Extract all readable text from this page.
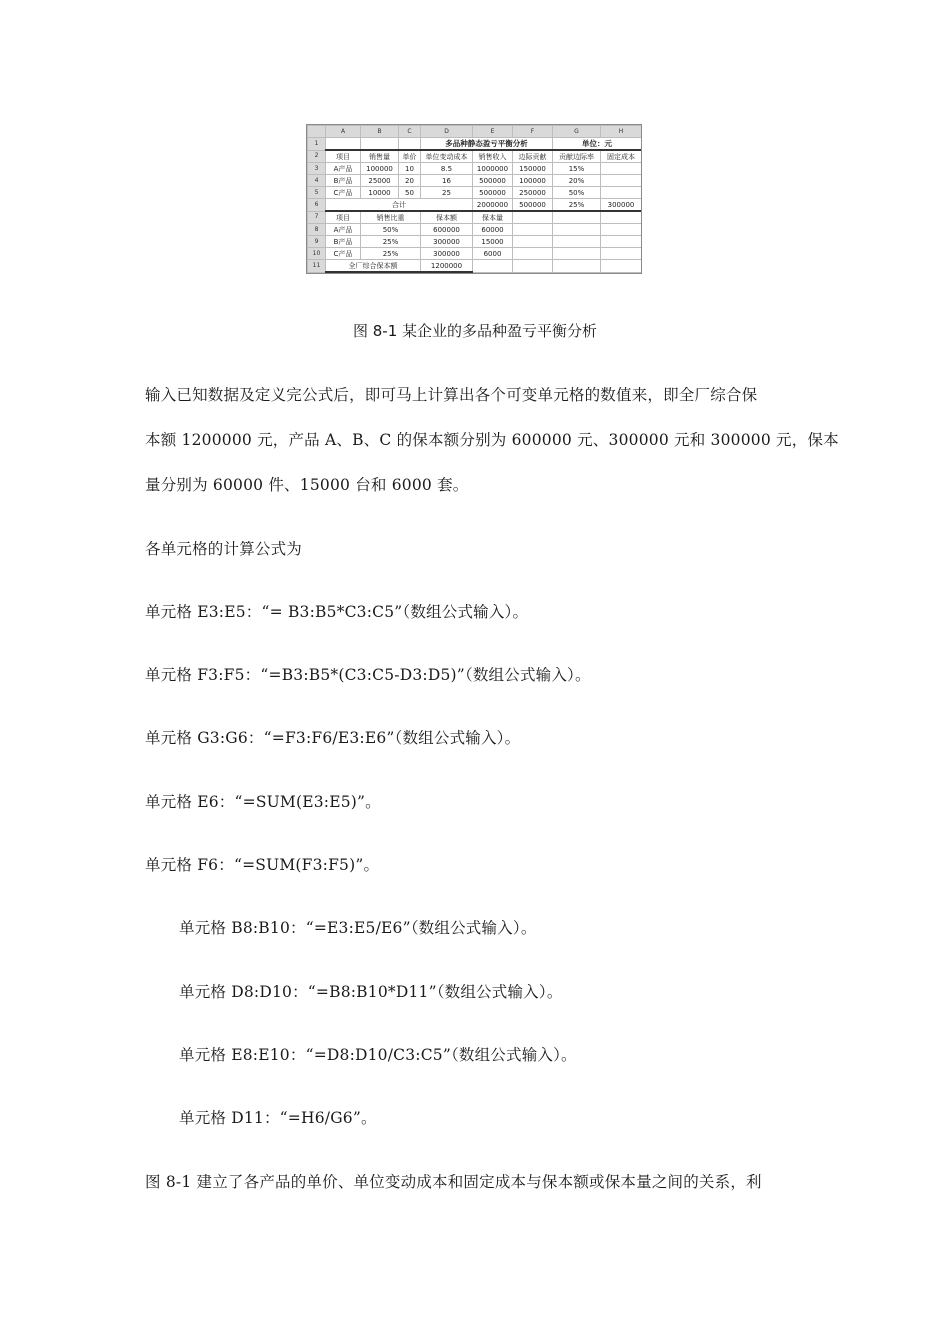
	A	B	C	D	E	F	G	H
1				多品种静态盈亏平衡分析			单位：元	
2	项目	销售量	单价	单位变动成本	销售收入	边际贡献	贡献边际率	固定成本
3	A产品	100000	10	8.5	1000000	150000	15%	
4	B产品	25000	20	16	500000	100000	20%	
5	C产品	10000	50	25	500000	250000	50%	
6	合计				2000000	500000	25%	300000
7	项目	销售比重		保本额	保本量			
8	A产品	50%		600000	60000			
9	B产品	25%		300000	15000			
10	C产品	25%		300000	6000			
11	全厂综合保本额			1200000				
图 8-1 某企业的多品种盈亏平衡分析
输入已知数据及定义完公式后，即可马上计算出各个可变单元格的数值来，即全厂综合保
本额 1200000 元，产品 A、B、C 的保本额分别为 600000 元、300000 元和 300000 元，保本
量分别为 60000 件、15000 台和 6000 套。
各单元格的计算公式为
单元格 E3:E5：“= B3:B5*C3:C5”（数组公式输入）。
单元格 F3:F5：“=B3:B5*(C3:C5-D3:D5)”（数组公式输入）。
单元格 G3:G6：“=F3:F6/E3:E6”（数组公式输入）。
单元格 E6：“=SUM(E3:E5)”。
单元格 F6：“=SUM(F3:F5)”。
单元格 B8:B10：“=E3:E5/E6”（数组公式输入）。
单元格 D8:D10：“=B8:B10*D11”（数组公式输入）。
单元格 E8:E10：“=D8:D10/C3:C5”（数组公式输入）。
单元格 D11：“=H6/G6”。
图 8-1 建立了各产品的单价、单位变动成本和固定成本与保本额或保本量之间的关系，利
